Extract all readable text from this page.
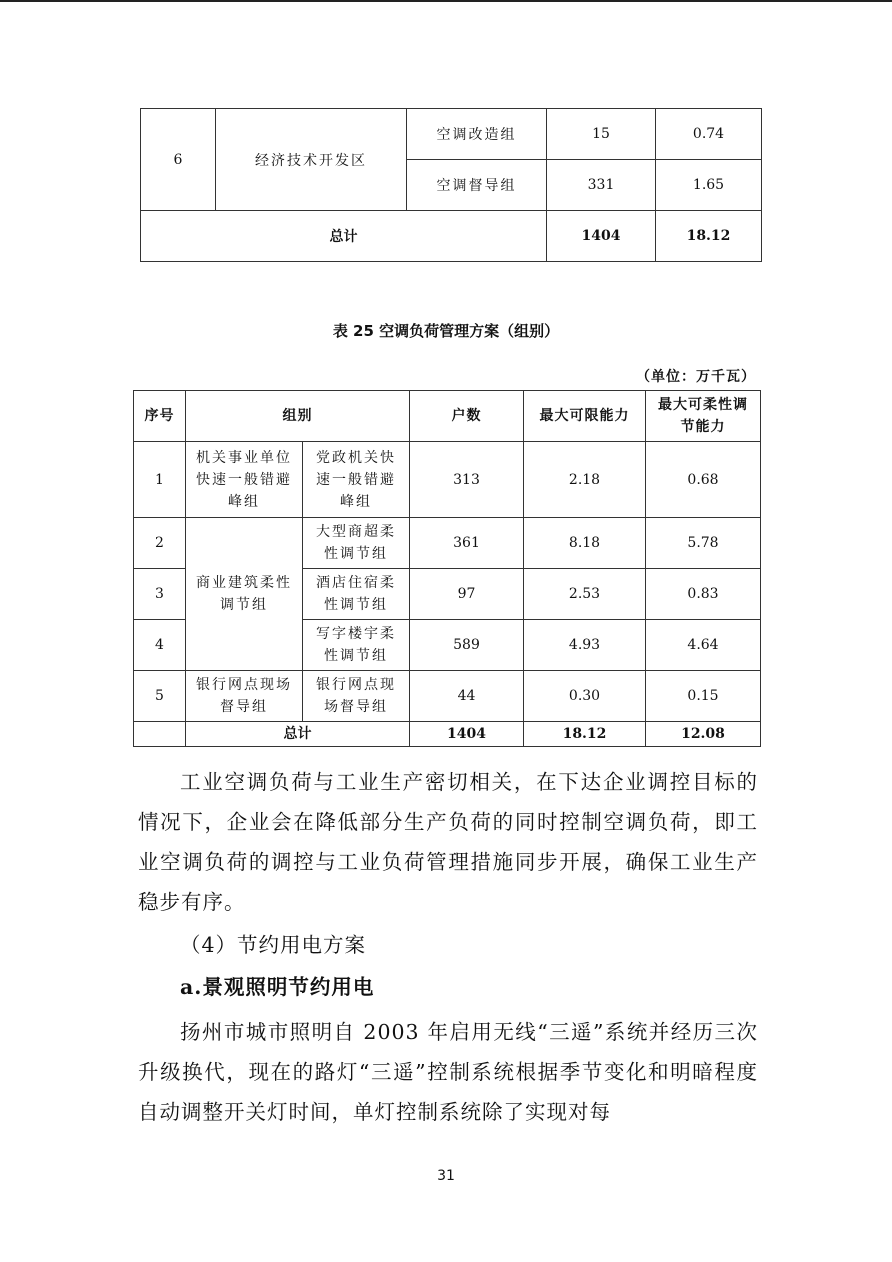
6	经济技术开发区	空调改造组	15	0.74
		空调督导组	331	1.65
总计			1404	18.12
表 25 空调负荷管理方案（组别）
（单位：万千瓦）
序号	组别		户数	最大可限能力	最大可柔性调节能力
1	机关事业单位快速一般错避峰组	党政机关快速一般错避峰组	313	2.18	0.68
2	商业建筑柔性调节组	大型商超柔性调节组	361	8.18	5.78
3		酒店住宿柔性调节组	97	2.53	0.83
4		写字楼宇柔性调节组	589	4.93	4.64
5	银行网点现场督导组	银行网点现场督导组	44	0.30	0.15
	总计		1404	18.12	12.08

工业空调负荷与工业生产密切相关，在下达企业调控目标的情况下，企业会在降低部分生产负荷的同时控制空调负荷，即工业空调负荷的调控与工业负荷管理措施同步开展，确保工业生产稳步有序。

（4）节约用电方案
a.景观照明节约用电

扬州市城市照明自 2003 年启用无线“三遥”系统并经历三次升级换代，现在的路灯“三遥”控制系统根据季节变化和明暗程度自动调整开关灯时间，单灯控制系统除了实现对每

31
